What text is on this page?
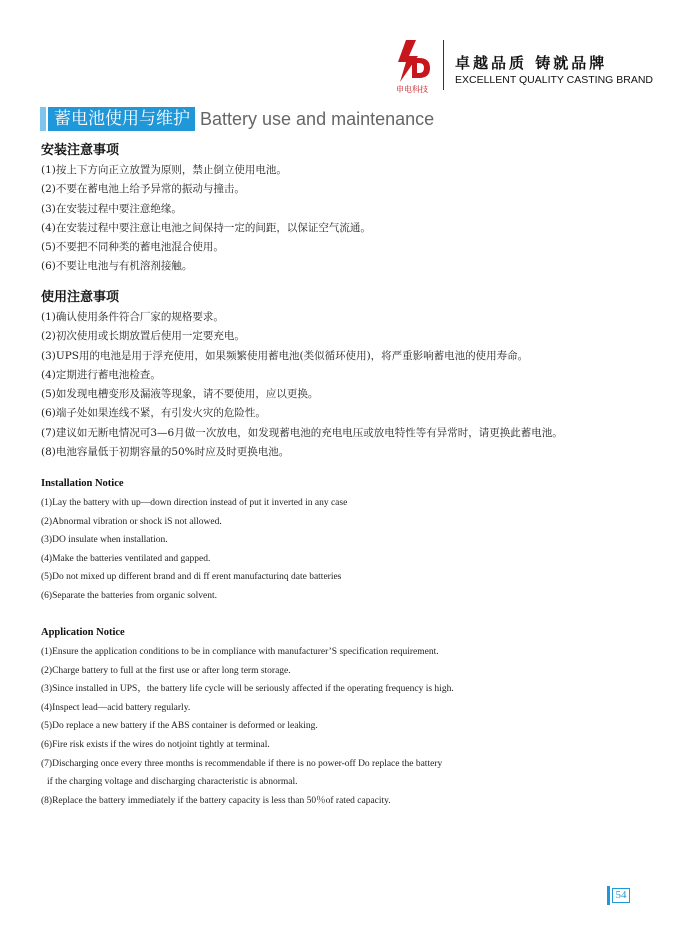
申电科技
卓越品质 铸就品牌
EXCELLENT QUALITY CASTING BRAND
蓄电池使用与维护 Battery use and maintenance
安装注意事项
(1)按上下方向正立放置为原则，禁止倒立使用电池。
(2)不要在蓄电池上给予异常的振动与撞击。
(3)在安装过程中要注意绝缘。
(4)在安装过程中要注意让电池之间保持一定的间距，以保证空气流通。
(5)不要把不同种类的蓄电池混合使用。
(6)不要让电池与有机溶剂接触。
使用注意事项
(1)确认使用条件符合厂家的规格要求。
(2)初次使用或长期放置后使用一定要充电。
(3)UPS用的电池是用于浮充使用，如果频繁使用蓄电池(类似循环使用)，将严重影响蓄电池的使用寿命。
(4)定期进行蓄电池检查。
(5)如发现电槽变形及漏液等现象，请不要使用，应以更换。
(6)端子处如果连线不紧，有引发火灾的危险性。
(7)建议如无断电情况可3—6月做一次放电，如发现蓄电池的充电电压或放电特性等有异常时，请更换此蓄电池。
(8)电池容量低于初期容量的50%时应及时更换电池。
Installation Notice
(1)Lay the battery with up—down direction instead of put it inverted in any case
(2)Abnormal vibration or shock iS not allowed.
(3)DO insulate when installation.
(4)Make the batteries ventilated and gapped.
(5)Do not mixed up different brand and di ff erent manufacturinq date batteries
(6)Separate the batteries from organic solvent.
Application Notice
(1)Ensure the application conditions to be in compliance with manufacturer’S specification requirement.
(2)Charge battery to full at the first use or after long term storage.
(3)Since installed in UPS，the battery life cycle will be seriously affected if the operating frequency is high.
(4)Inspect lead—acid battery regularly.
(5)Do replace a new battery if the ABS container is deformed or leaking.
(6)Fire risk exists if the wires do notjoint tightly at terminal.
(7)Discharging once every three months is recommendable if there is no power-off Do replace the battery
if the charging voltage and discharging characteristic is abnormal.
(8)Replace the battery immediately if the battery capacity is less than 50％of rated capacity.
54
